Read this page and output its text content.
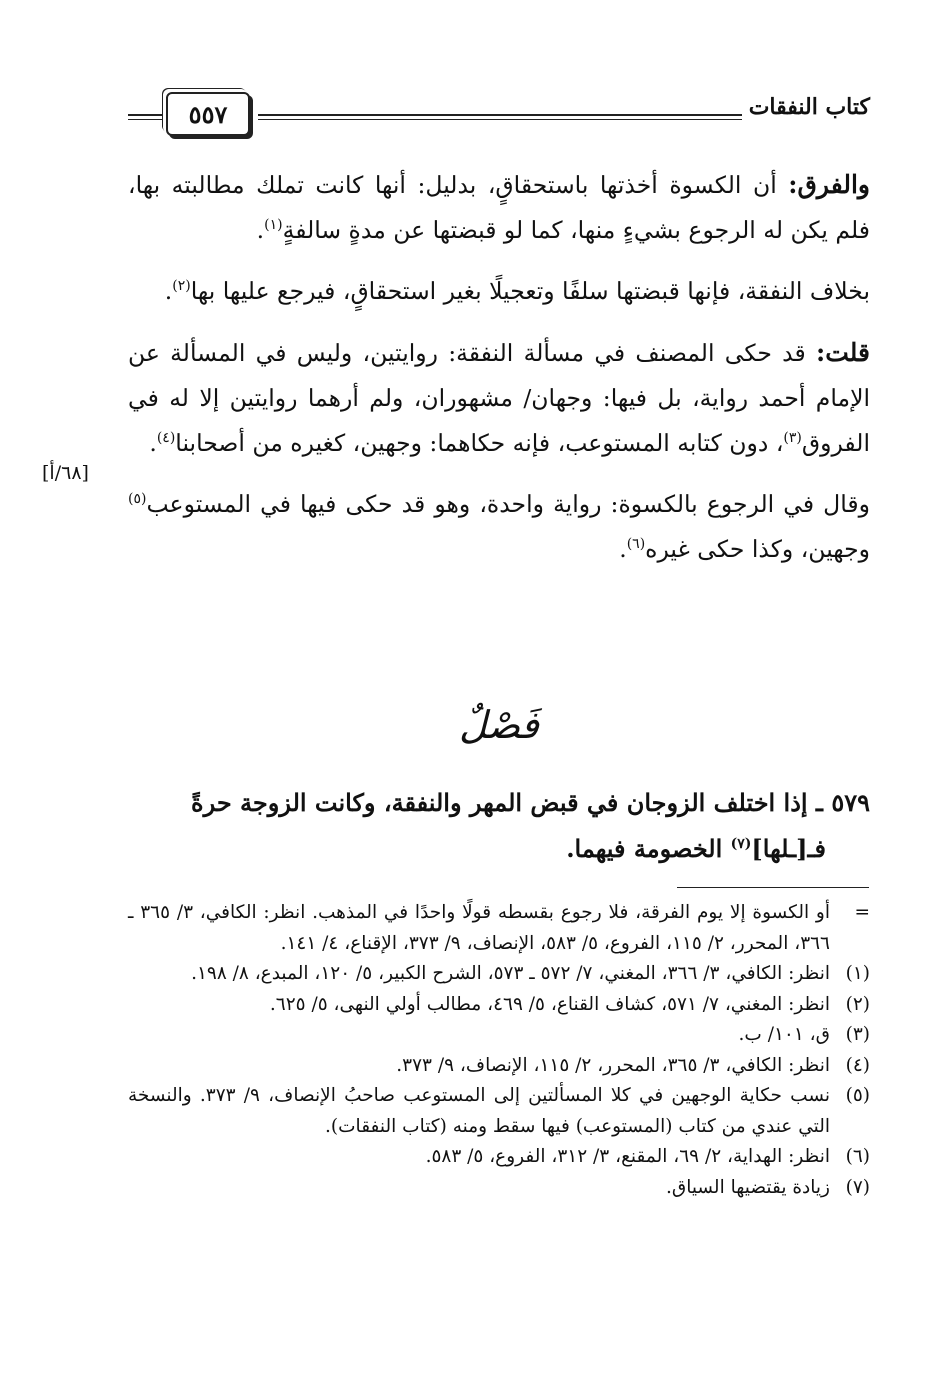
كتاب النفقات
٥٥٧

والفرق: أن الكسوة أخذتها باستحقاقٍ، بدليل: أنها كانت تملك مطالبته بها، فلم يكن له الرجوع بشيءٍ منها، كما لو قبضتها عن مدةٍ سالفةٍ$^{(١)}$.

بخلاف النفقة، فإنها قبضتها سلفًا وتعجيلًا بغير استحقاقٍ، فيرجع عليها بها$^{(٢)}$.

قلت: قد حكى المصنف في مسألة النفقة: روايتين، وليس في المسألة عن الإمام أحمد رواية، بل فيها: وجهان/ مشهوران، ولم أرهما روايتين إلا له في الفروق$^{(٣)}$، دون كتابه المستوعب، فإنه حكاهما: وجهين، كغيره من أصحابنا$^{(٤)}$.

وقال في الرجوع بالكسوة: رواية واحدة، وهو قد حكى فيها في المستوعب$^{(٥)}$ وجهين، وكذا حكى غيره$^{(٦)}$.

[٦٨/أ]
فَصْلٌ
٥٧٩ ـ إذا اختلف الزوجان في قبض المهر والنفقة، وكانت الزوجة حرةً
فـ[ـلها]$^{(٧)}$ الخصومة فيهما.
=
أو الكسوة إلا يوم الفرقة، فلا رجوع بقسطه قولًا واحدًا في المذهب. انظر: الكافي، ٣/ ٣٦٥ ـ ٣٦٦، المحرر، ٢/ ١١٥، الفروع، ٥/ ٥٨٣، الإنصاف، ٩/ ٣٧٣، الإقناع، ٤/ ١٤١.
(١)
انظر: الكافي، ٣/ ٣٦٦، المغني، ٧/ ٥٧٢ ـ ٥٧٣، الشرح الكبير، ٥/ ١٢٠، المبدع، ٨/ ١٩٨.
(٢)
انظر: المغني، ٧/ ٥٧١، كشاف القناع، ٥/ ٤٦٩، مطالب أولي النهى، ٥/ ٦٢٥.
(٣)
ق، ١٠١/ ب.
(٤)
انظر: الكافي، ٣/ ٣٦٥، المحرر، ٢/ ١١٥، الإنصاف، ٩/ ٣٧٣.
(٥)
نسب حكاية الوجهين في كلا المسألتين إلى المستوعب صاحبُ الإنصاف، ٩/ ٣٧٣. والنسخة التي عندي من كتاب (المستوعب) فيها سقط ومنه (كتاب النفقات).
(٦)
انظر: الهداية، ٢/ ٦٩، المقنع، ٣/ ٣١٢، الفروع، ٥/ ٥٨٣.
(٧)
زيادة يقتضيها السياق.
